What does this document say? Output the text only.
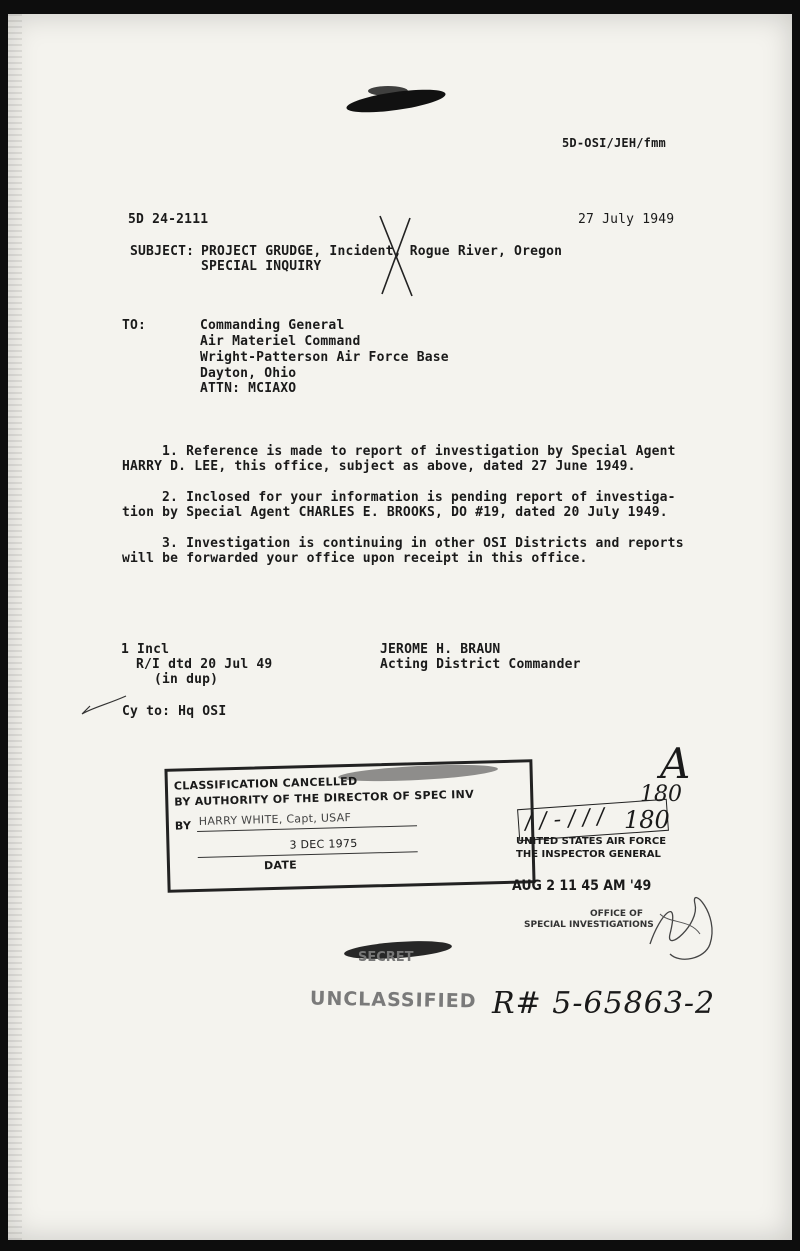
5D-OSI/JEH/fmm
5D 24-2111	27 July 1949
SUBJECT: PROJECT GRUDGE, Incident, Rogue River, Oregon
SPECIAL INQUIRY
TO:	Commanding General
Air Materiel Command
Wright-Patterson Air Force Base
Dayton, Ohio
ATTN: MCIAXO
1. Reference is made to report of investigation by Special Agent
HARRY D. LEE, this office, subject as above, dated 27 June 1949.
2. Inclosed for your information is pending report of investiga-
tion by Special Agent CHARLES E. BROOKS, DO #19, dated 20 July 1949.
3. Investigation is continuing in other OSI Districts and reports
will be forwarded your office upon receipt in this office.
1 Incl
R/I dtd 20 Jul 49
(in dup)
Cy to: Hq OSI
JEROME H. BRAUN
Acting District Commander
CLASSIFICATION CANCELLED
BY AUTHORITY OF THE DIRECTOR OF SPEC INV
BY HARRY WHITE, Capt, USAF
3 DEC 1975
DATE
A
180
/ / - / / / 180
UNITED STATES AIR FORCE
THE INSPECTOR GENERAL
AUG 2 11 45 AM '49
OFFICE OF
SPECIAL INVESTIGATIONS
SECRET
UNCLASSIFIED R# 5-65863-2
